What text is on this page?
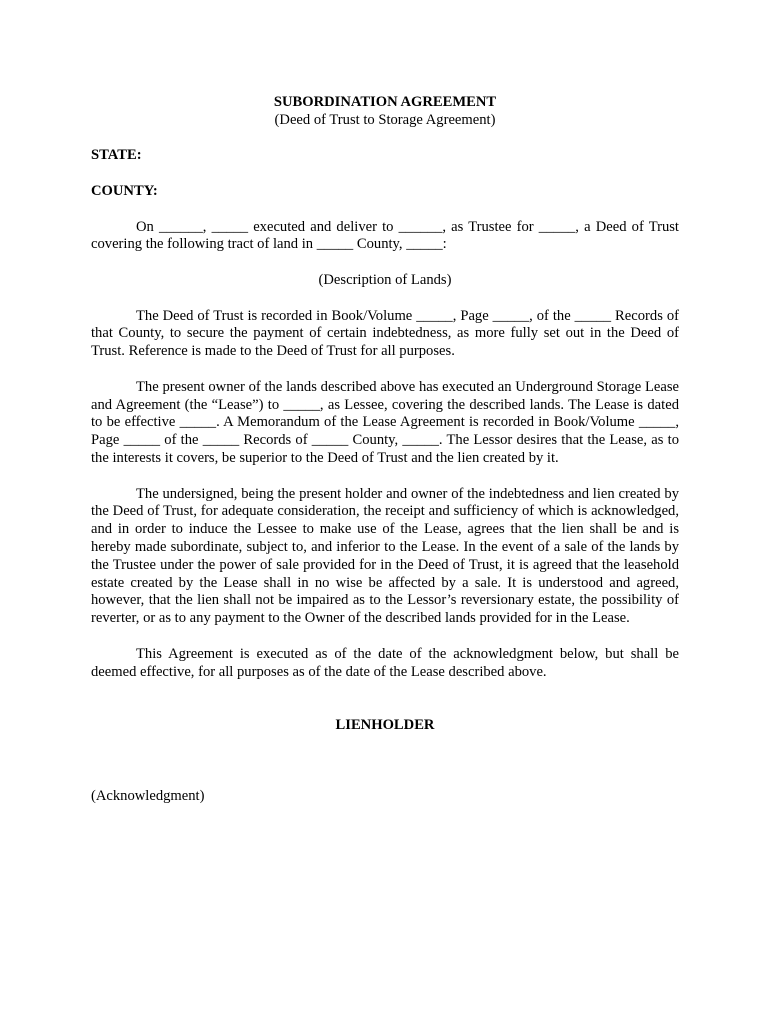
SUBORDINATION AGREEMENT

(Deed of Trust to Storage Agreement)

STATE:

COUNTY:

On ______, _____ executed and deliver to ______, as Trustee for _____, a Deed of Trust covering the following tract of land in _____ County, _____:

(Description of Lands)

The Deed of Trust is recorded in Book/Volume _____, Page _____, of the _____ Records of that County, to secure the payment of certain indebtedness, as more fully set out in the Deed of Trust. Reference is made to the Deed of Trust for all purposes.

The present owner of the lands described above has executed an Underground Storage Lease and Agreement (the “Lease”) to _____, as Lessee, covering the described lands. The Lease is dated to be effective _____. A Memorandum of the Lease Agreement is recorded in Book/Volume _____, Page _____ of the _____ Records of _____ County, _____. The Lessor desires that the Lease, as to the interests it covers, be superior to the Deed of Trust and the lien created by it.

The undersigned, being the present holder and owner of the indebtedness and lien created by the Deed of Trust, for adequate consideration, the receipt and sufficiency of which is acknowledged, and in order to induce the Lessee to make use of the Lease, agrees that the lien shall be and is hereby made subordinate, subject to, and inferior to the Lease. In the event of a sale of the lands by the Trustee under the power of sale provided for in the Deed of Trust, it is agreed that the leasehold estate created by the Lease shall in no wise be affected by a sale. It is understood and agreed, however, that the lien shall not be impaired as to the Lessor’s reversionary estate, the possibility of reverter, or as to any payment to the Owner of the described lands provided for in the Lease.

This Agreement is executed as of the date of the acknowledgment below, but shall be deemed effective, for all purposes as of the date of the Lease described above.

LIENHOLDER

(Acknowledgment)
